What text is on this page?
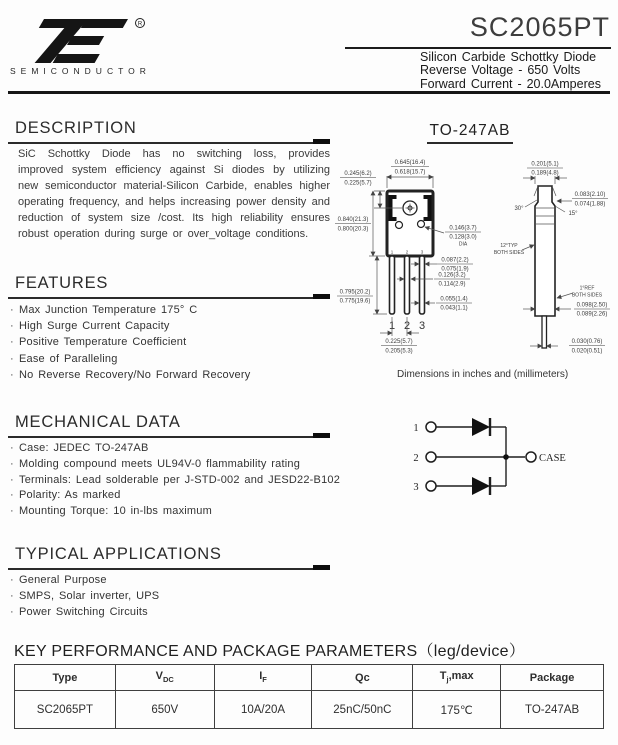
R
SEMICONDUCTOR
SC2065PT
Silicon Carbide Schottky Diode
Reverse Voltage - 650 Volts
Forward Current - 20.0Amperes
DESCRIPTION
SiC Schottky Diode has no switching loss, provides improved system efficiency against Si diodes by utilizing new semiconductor material-Silicon Carbide, enables higher operating frequency, and helps increasing power density and reduction of system size /cost. Its high reliability ensures robust operation during surge or over_voltage conditions.
FEATURES
· Max Junction Temperature 175° C
· High Surge Current Capacity
· Positive Temperature Coefficient
· Ease of Paralleling
· No Reverse Recovery/No Forward Recovery
MECHANICAL DATA
· Case: JEDEC TO-247AB
· Molding compound meets UL94V-0 flammability rating
· Terminals: Lead solderable per J-STD-002 and JESD22-B102
· Polarity: As marked
· Mounting Torque: 10 in-lbs maximum
TYPICAL APPLICATIONS
· General Purpose
· SMPS, Solar inverter, UPS
· Power Switching Circuits
TO-247AB
1	2	3
1 2 3
0.645(16.4)
0.618(15.7)
0.245(6.2)
0.225(5.7)
0.840(21.3)
0.800(20.3)	0.146(3.7)
0.128(3.0)
DIA
0.087(2.2)
0.075(1.9)
0.126(3.2)
0.114(2.9)
0.795(20.2)
0.775(19.6)	0.055(1.4)
0.043(1.1)
0.225(5.7)
0.205(5.3)
0.201(5.1)
0.189(4.8)
0.083(2.10)
0.074(1.88)
30°
15°
12°TYP
BOTH SIDES
1°REF
BOTH SIDES
0.098(2.50)
0.089(2.26)
0.030(0.76)
0.020(0.51)
Dimensions in inches and (millimeters)
1
2
3
CASE
KEY PERFORMANCE AND PACKAGE PARAMETERS（leg/device）
Type	$V_{DC}$	$I_F$	Qc	$T_j,\max$	Package
SC2065PT	650V	10A/20A	25nC/50nC	175℃	TO-247AB
